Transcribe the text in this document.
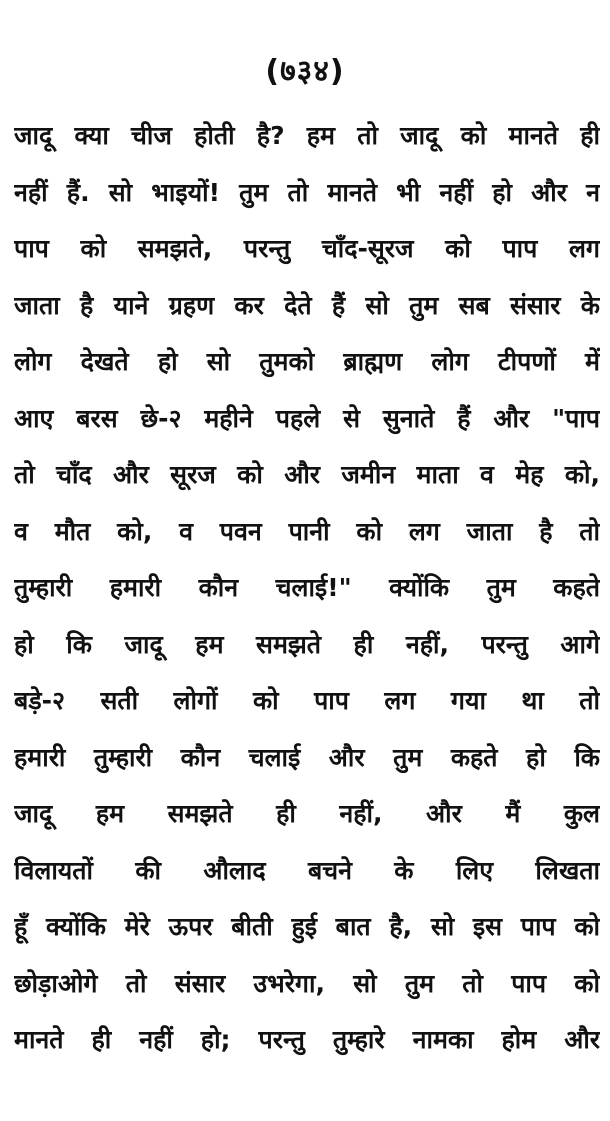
(७३४)
जादू क्या चीज होती है? हम तो जादू को मानते ही
नहीं हैं. सो भाइयों! तुम तो मानते भी नहीं हो और न
पाप को समझते, परन्तु चाँद-सूरज को पाप लग
जाता है याने ग्रहण कर देते हैं सो तुम सब संसार के
लोग देखते हो सो तुमको ब्राह्मण लोग टीपणों में
आए बरस छे-२ महीने पहले से सुनाते हैं और "पाप
तो चाँद और सूरज को और जमीन माता व मेह को,
व मौत को, व पवन पानी को लग जाता है तो
तुम्हारी हमारी कौन चलाई!" क्योंकि तुम कहते
हो कि जादू हम समझते ही नहीं, परन्तु आगे
बड़े-२ सती लोगों को पाप लग गया था तो
हमारी तुम्हारी कौन चलाई और तुम कहते हो कि
जादू हम समझते ही नहीं, और मैं कुल
विलायतों की औलाद बचने के लिए लिखता
हूँ क्योंकि मेरे ऊपर बीती हुई बात है, सो इस पाप को
छोड़ाओगे तो संसार उभरेगा, सो तुम तो पाप को
मानते ही नहीं हो; परन्तु तुम्हारे नामका होम और
